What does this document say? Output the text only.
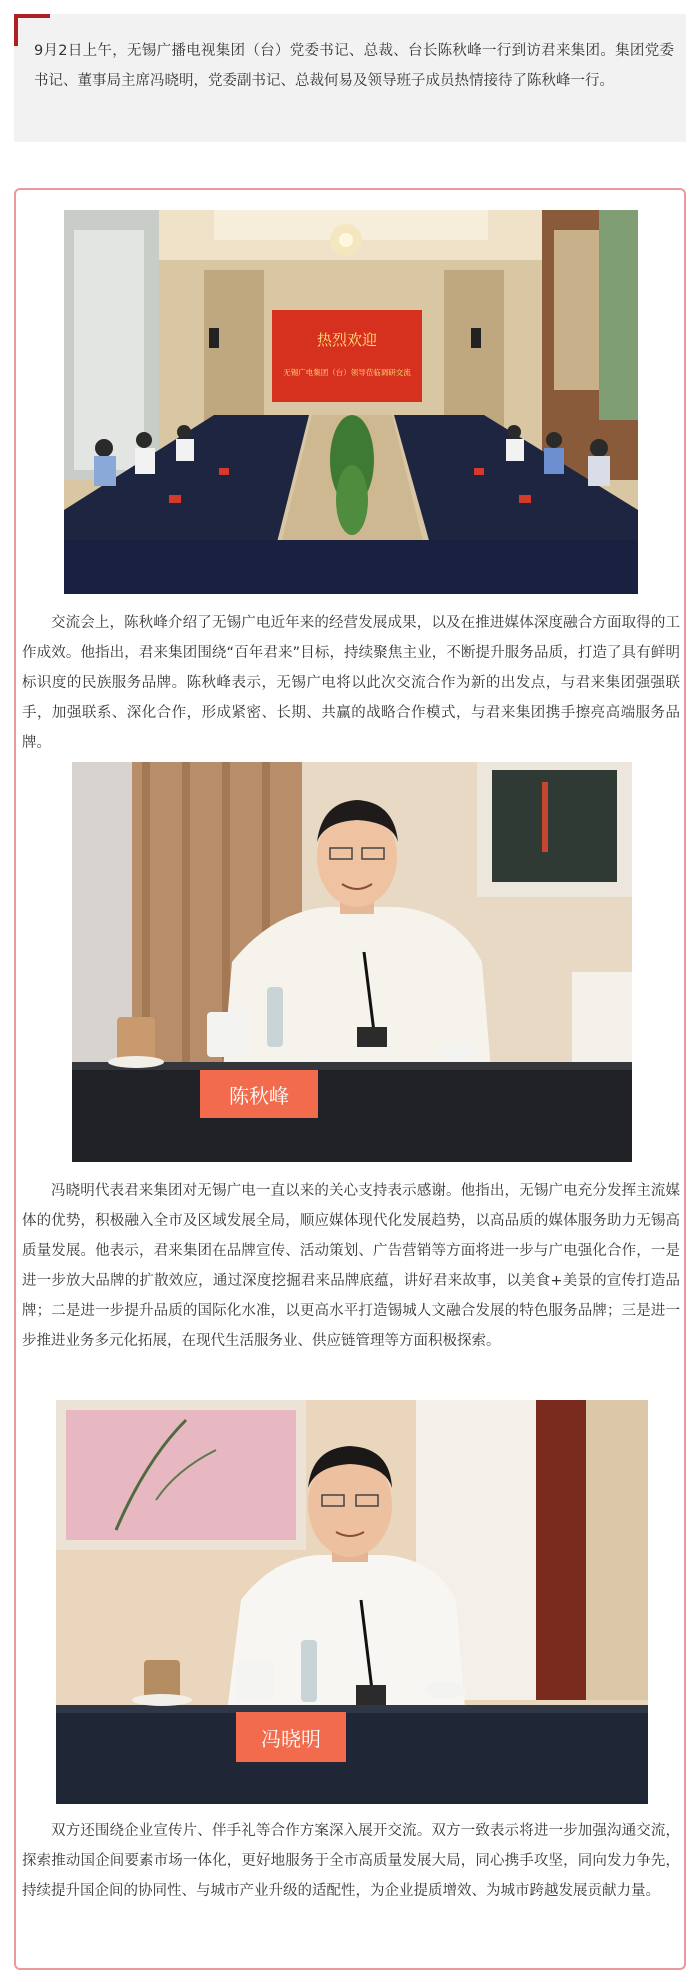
9月2日上午，无锡广播电视集团（台）党委书记、总裁、台长陈秋峰一行到访君来集团。集团党委书记、董事局主席冯晓明，党委副书记、总裁何易及领导班子成员热情接待了陈秋峰一行。

热烈欢迎
无锡广电集团（台）领导莅临调研交流

交流会上，陈秋峰介绍了无锡广电近年来的经营发展成果，以及在推进媒体深度融合方面取得的工作成效。他指出，君来集团围绕“百年君来”目标，持续聚焦主业，不断提升服务品质，打造了具有鲜明标识度的民族服务品牌。陈秋峰表示，无锡广电将以此次交流合作为新的出发点，与君来集团强强联手，加强联系、深化合作，形成紧密、长期、共赢的战略合作模式，与君来集团携手擦亮高端服务品牌。

陈秋峰

冯晓明代表君来集团对无锡广电一直以来的关心支持表示感谢。他指出，无锡广电充分发挥主流媒体的优势，积极融入全市及区域发展全局，顺应媒体现代化发展趋势，以高品质的媒体服务助力无锡高质量发展。他表示，君来集团在品牌宣传、活动策划、广告营销等方面将进一步与广电强化合作，一是进一步放大品牌的扩散效应，通过深度挖掘君来品牌底蕴，讲好君来故事，以美食+美景的宣传打造品牌；二是进一步提升品质的国际化水准，以更高水平打造锡城人文融合发展的特色服务品牌；三是进一步推进业务多元化拓展，在现代生活服务业、供应链管理等方面积极探索。

冯晓明

双方还围绕企业宣传片、伴手礼等合作方案深入展开交流。双方一致表示将进一步加强沟通交流，探索推动国企间要素市场一体化，更好地服务于全市高质量发展大局，同心携手攻坚，同向发力争先，持续提升国企间的协同性、与城市产业升级的适配性，为企业提质增效、为城市跨越发展贡献力量。
